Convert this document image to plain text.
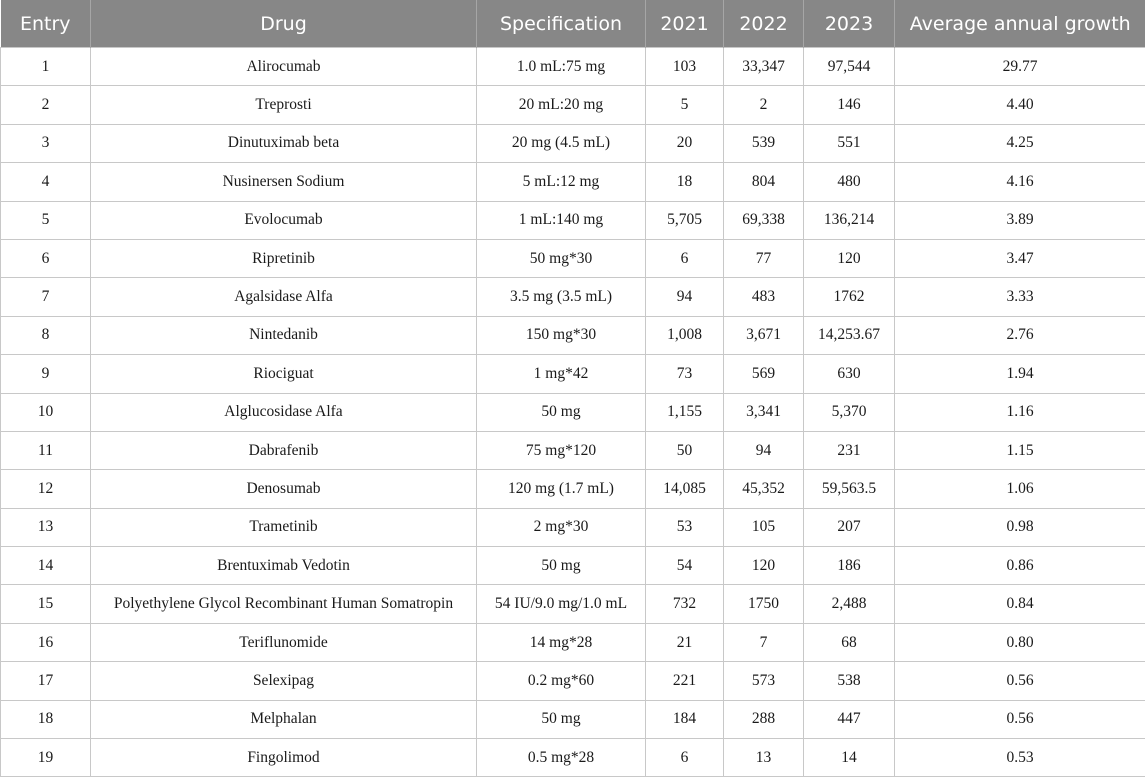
Entry	Drug	Specification	2021	2022	2023	Average annual growth
1	Alirocumab	1.0 mL:75 mg	103	33,347	97,544	29.77
2	Treprosti	20 mL:20 mg	5	2	146	4.40
3	Dinutuximab beta	20 mg (4.5 mL)	20	539	551	4.25
4	Nusinersen Sodium	5 mL:12 mg	18	804	480	4.16
5	Evolocumab	1 mL:140 mg	5,705	69,338	136,214	3.89
6	Ripretinib	50 mg*30	6	77	120	3.47
7	Agalsidase Alfa	3.5 mg (3.5 mL)	94	483	1762	3.33
8	Nintedanib	150 mg*30	1,008	3,671	14,253.67	2.76
9	Riociguat	1 mg*42	73	569	630	1.94
10	Alglucosidase Alfa	50 mg	1,155	3,341	5,370	1.16
11	Dabrafenib	75 mg*120	50	94	231	1.15
12	Denosumab	120 mg (1.7 mL)	14,085	45,352	59,563.5	1.06
13	Trametinib	2 mg*30	53	105	207	0.98
14	Brentuximab Vedotin	50 mg	54	120	186	0.86
15	Polyethylene Glycol Recombinant Human Somatropin	54 IU/9.0 mg/1.0 mL	732	1750	2,488	0.84
16	Teriflunomide	14 mg*28	21	7	68	0.80
17	Selexipag	0.2 mg*60	221	573	538	0.56
18	Melphalan	50 mg	184	288	447	0.56
19	Fingolimod	0.5 mg*28	6	13	14	0.53
